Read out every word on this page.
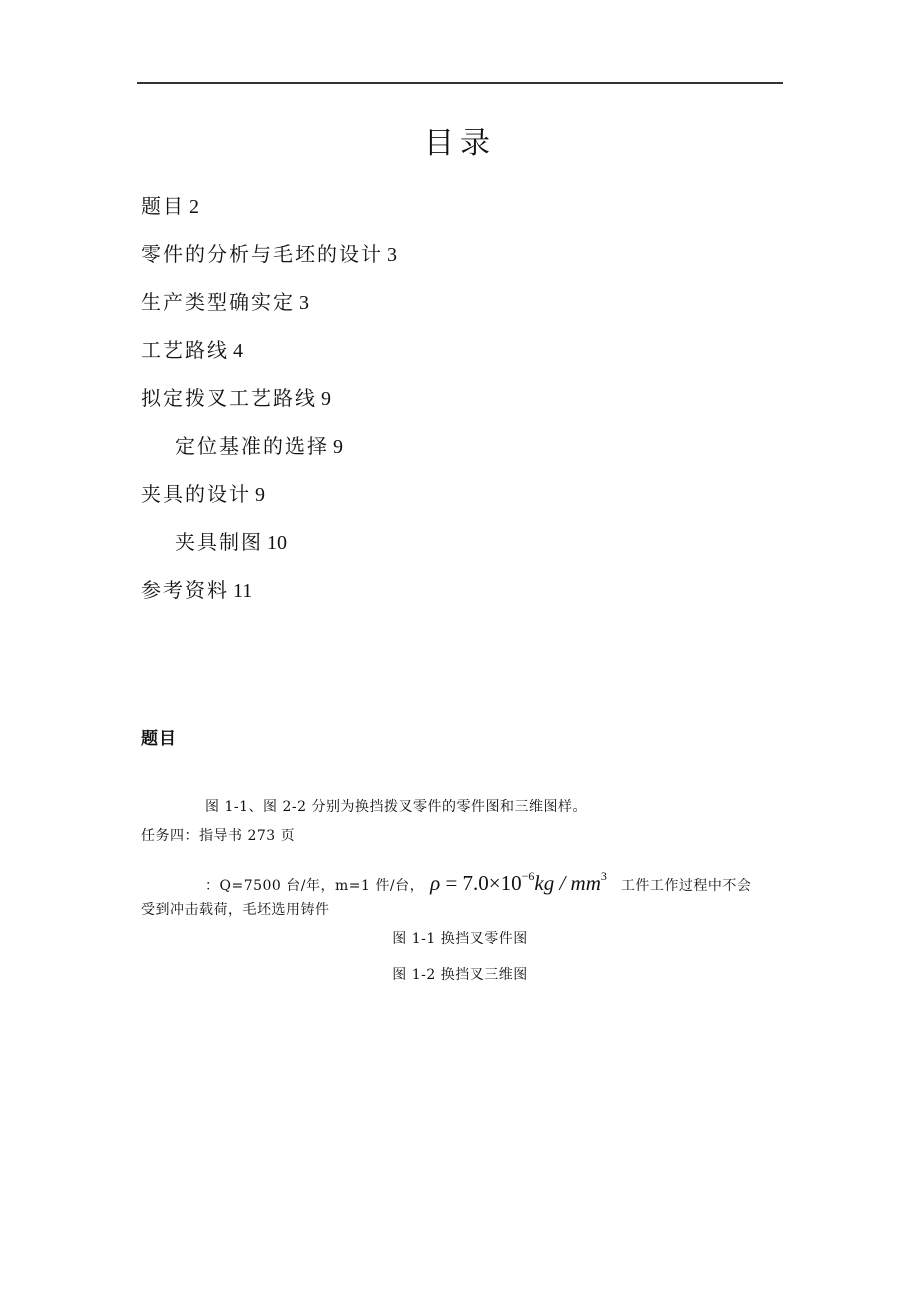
目录
题目 2
零件的分析与毛坯的设计 3
生产类型确实定 3
工艺路线 4
拟定拨叉工艺路线 9
定位基准的选择 9
夹具的设计 9
夹具制图 10
参考资料 11
题目
图 1-1、图 2-2 分别为换挡拨叉零件的零件图和三维图样。
任务四：指导书 273 页
：Q=7500 台/年，m=1 件/台， $\rho = 7.0\times 10^{-6}kg / mm^3$工件工作过程中不会
受到冲击载荷，毛坯选用铸件
图 1-1 换挡叉零件图
图 1-2 换挡叉三维图
